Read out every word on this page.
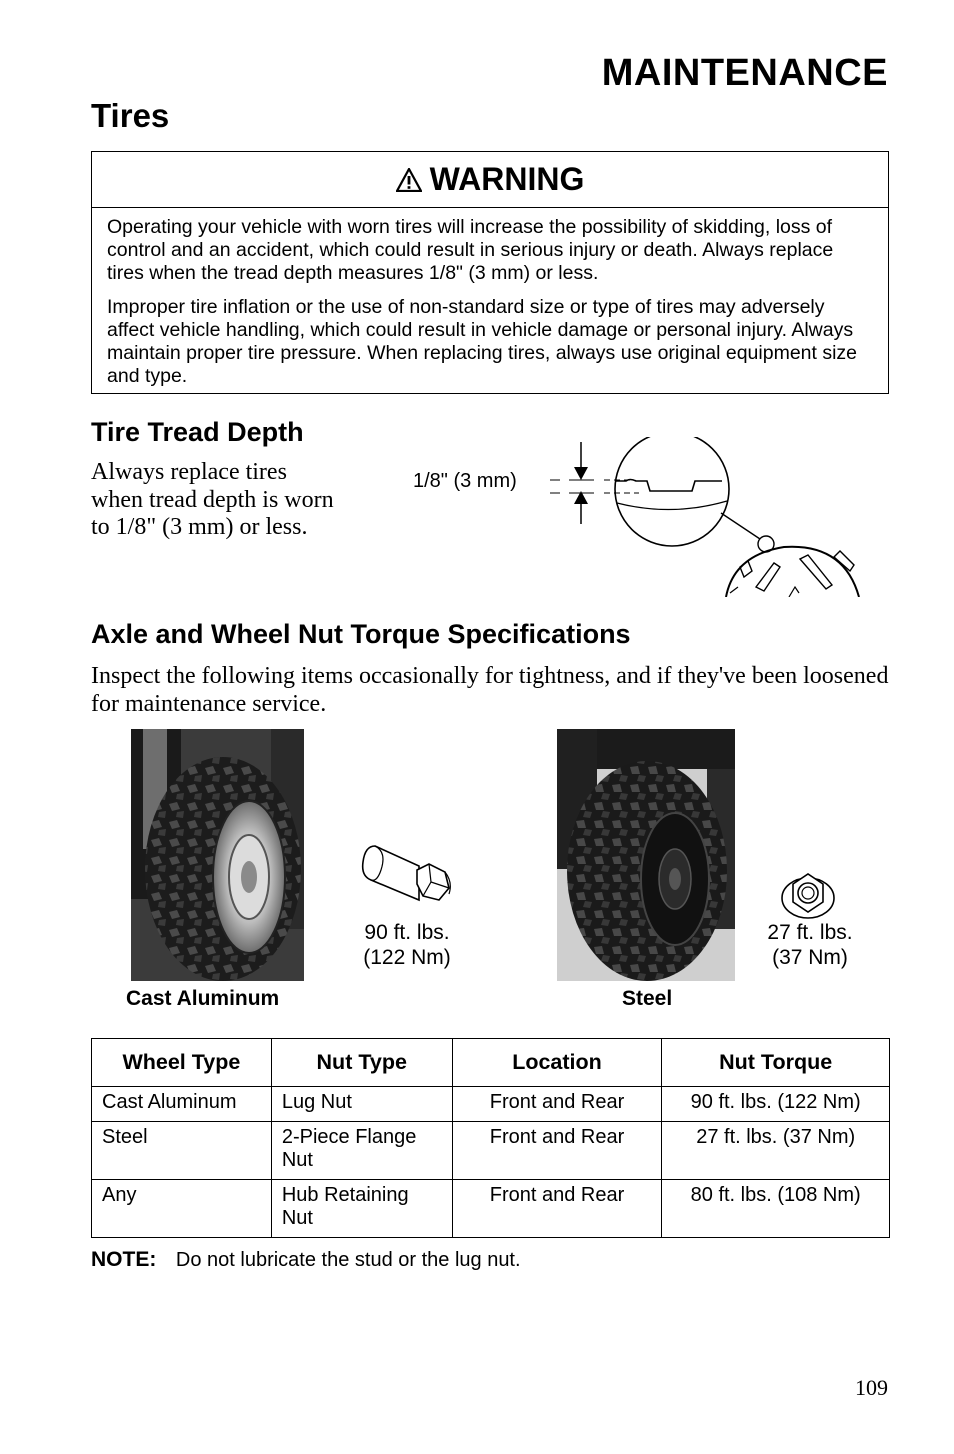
MAINTENANCE
Tires
WARNING

Operating your vehicle with worn tires will increase the possibility of skidding, loss of control and an accident, which could result in serious injury or death. Always replace tires when the tread depth measures 1/8" (3 mm) or less.

Improper tire inflation or the use of non-standard size or type of tires may adversely affect vehicle handling, which could result in vehicle damage or personal injury. Always maintain proper tire pressure. When replacing tires, always use original equipment size and type.

Tire Tread Depth
Always replace tires when tread depth is worn to 1/8" (3 mm) or less.
1/8" (3 mm)
Axle and Wheel Nut Torque Specifications
Inspect the following items occasionally for tightness, and if they've been loosened for maintenance service.
90 ft. lbs.
(122 Nm)
27 ft. lbs.
(37 Nm)
Cast Aluminum	Steel
Wheel Type	Nut Type	Location	Nut Torque
Cast Aluminum	Lug Nut	Front and Rear	90 ft. lbs. (122 Nm)
Steel	2-Piece Flange Nut	Front and Rear	27 ft. lbs. (37 Nm)
Any	Hub Retaining Nut	Front and Rear	80 ft. lbs. (108 Nm)
NOTE: Do not lubricate the stud or the lug nut.
109
